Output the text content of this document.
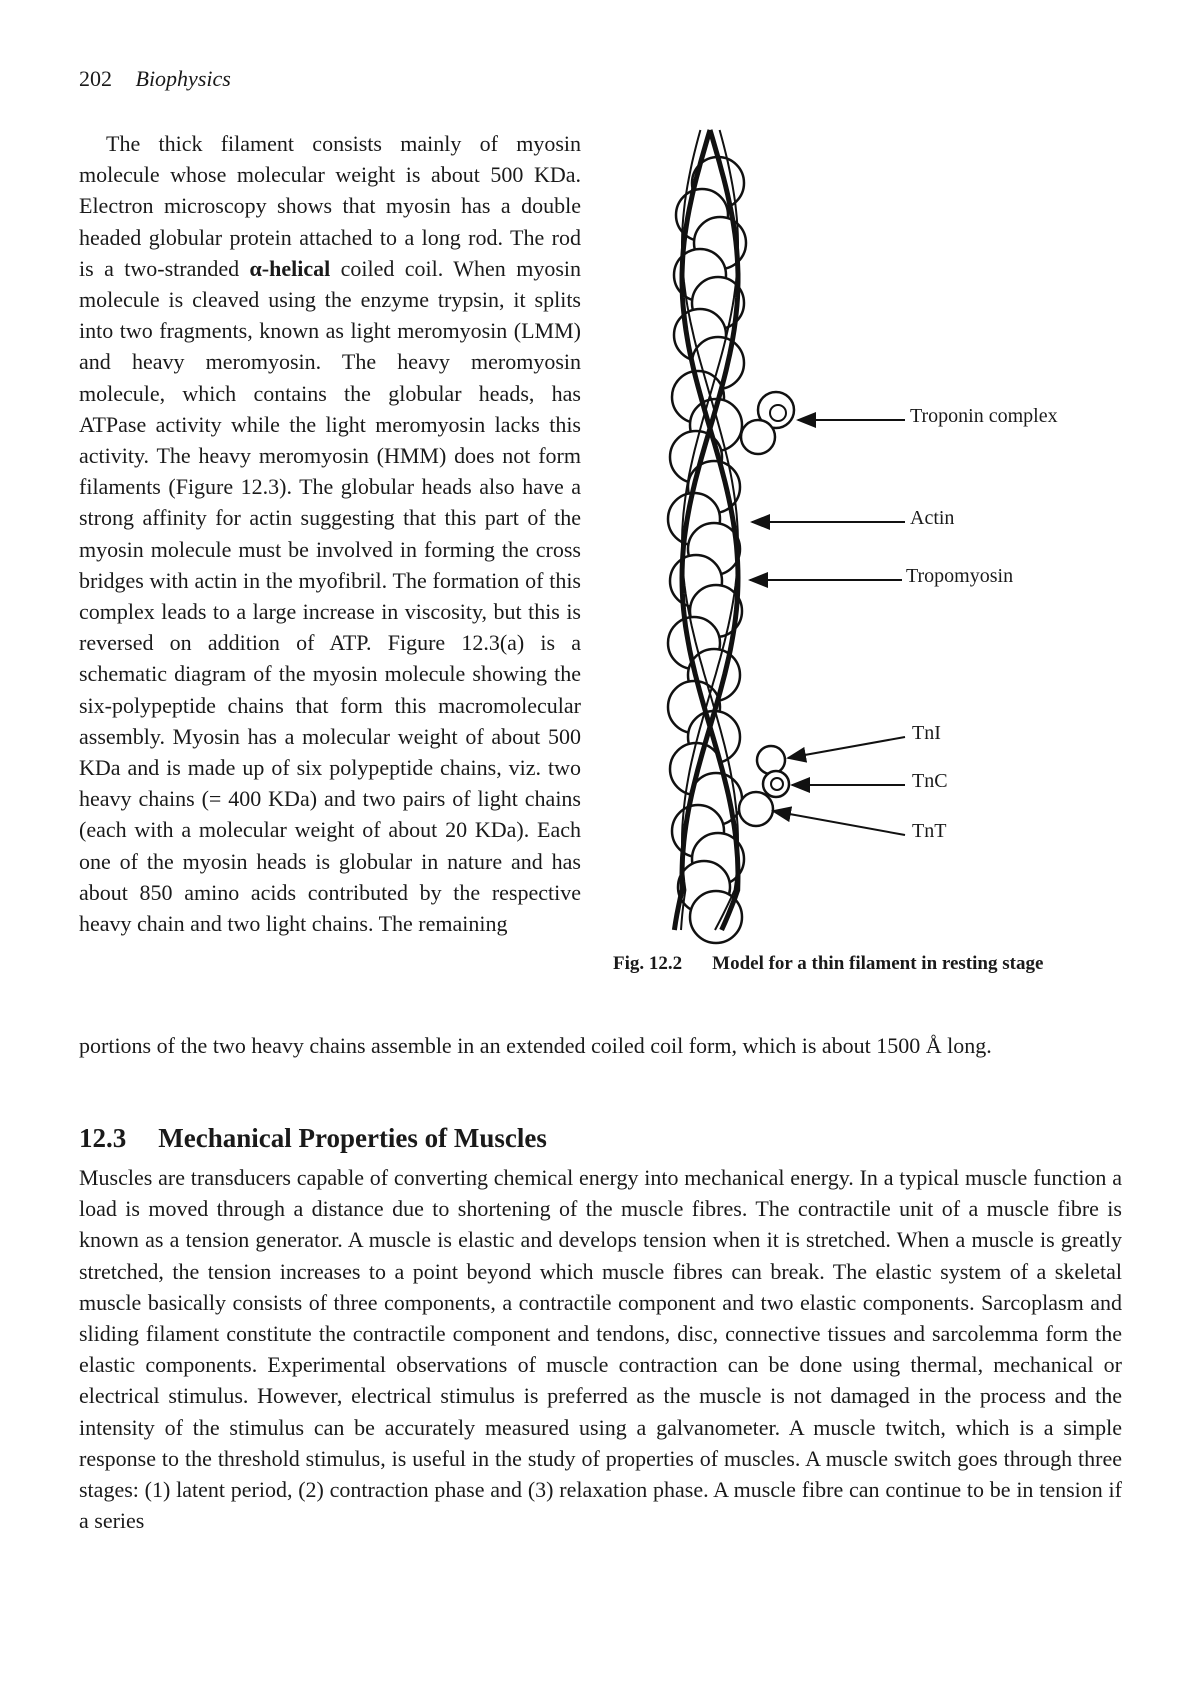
202 Biophysics

The thick filament consists mainly of myosin molecule whose molecular weight is about 500 KDa. Electron microscopy shows that myosin has a double headed globular protein attached to a long rod. The rod is a two-stranded α-helical coiled coil. When myosin molecule is cleaved using the enzyme trypsin, it splits into two fragments, known as light meromyosin (LMM) and heavy meromyosin. The heavy meromyosin molecule, which contains the globular heads, has ATPase activity while the light meromyosin lacks this activity. The heavy meromyosin (HMM) does not form filaments (Figure 12.3). The globular heads also have a strong affinity for actin suggesting that this part of the myosin molecule must be involved in forming the cross bridges with actin in the myofibril. The formation of this complex leads to a large increase in viscosity, but this is reversed on addition of ATP. Figure 12.3(a) is a schematic diagram of the myosin molecule showing the six-polypeptide chains that form this macromolecular assembly. Myosin has a molecular weight of about 500 KDa and is made up of six polypeptide chains, viz. two heavy chains (= 400 KDa) and two pairs of light chains (each with a molecular weight of about 20 KDa). Each one of the myosin heads is globular in nature and has about 850 amino acids contributed by the respective heavy chain and two light chains. The remaining

portions of the two heavy chains assemble in an extended coiled coil form, which is about 1500 Å long.

Troponin complex
Actin
Tropomyosin
TnI
TnC
TnT
Fig. 12.2 Model for a thin filament in resting stage
12.3 Mechanical Properties of Muscles

Muscles are transducers capable of converting chemical energy into mechanical energy. In a typical muscle function a load is moved through a distance due to shortening of the muscle fibres. The contractile unit of a muscle fibre is known as a tension generator. A muscle is elastic and develops tension when it is stretched. When a muscle is greatly stretched, the tension increases to a point beyond which muscle fibres can break. The elastic system of a skeletal muscle basically consists of three components, a contractile component and two elastic components. Sarcoplasm and sliding filament constitute the contractile component and tendons, disc, connective tissues and sarcolemma form the elastic components. Experimental observations of muscle contraction can be done using thermal, mechanical or electrical stimulus. However, electrical stimulus is preferred as the muscle is not damaged in the process and the intensity of the stimulus can be accurately measured using a galvanometer. A muscle twitch, which is a simple response to the threshold stimulus, is useful in the study of properties of muscles. A muscle switch goes through three stages: (1) latent period, (2) contraction phase and (3) relaxation phase. A muscle fibre can continue to be in tension if a series
